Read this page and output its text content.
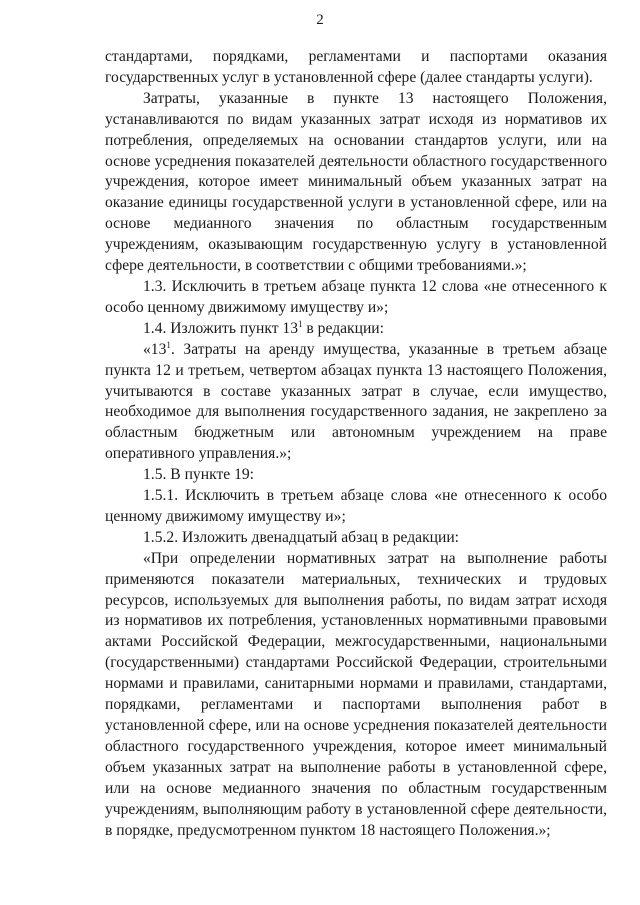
2

стандартами, порядками, регламентами и паспортами оказания государственных услуг в установленной сфере (далее стандарты услуги).

Затраты, указанные в пункте 13 настоящего Положения, устанавливаются по видам указанных затрат исходя из нормативов их потребления, определяемых на основании стандартов услуги, или на основе усреднения показателей деятельности областного государственного учреждения, которое имеет минимальный объем указанных затрат на оказание единицы государственной услуги в установленной сфере, или на основе медианного значения по областным государственным учреждениям, оказывающим государственную услугу в установленной сфере деятельности, в соответствии с общими требованиями.»;

1.3. Исключить в третьем абзаце пункта 12 слова «не отнесенного к особо ценному движимому имуществу и»;

1.4. Изложить пункт $13^1$ в редакции:

«$13^1$. Затраты на аренду имущества, указанные в третьем абзаце пункта 12 и третьем, четвертом абзацах пункта 13 настоящего Положения, учитываются в составе указанных затрат в случае, если имущество, необходимое для выполнения государственного задания, не закреплено за областным бюджетным или автономным учреждением на праве оперативного управления.»;

1.5. В пункте 19:

1.5.1. Исключить в третьем абзаце слова «не отнесенного к особо ценному движимому имуществу и»;

1.5.2. Изложить двенадцатый абзац в редакции:

«При определении нормативных затрат на выполнение работы применяются показатели материальных, технических и трудовых ресурсов, используемых для выполнения работы, по видам затрат исходя из нормативов их потребления, установленных нормативными правовыми актами Российской Федерации, межгосударственными, национальными (государственными) стандартами Российской Федерации, строительными нормами и правилами, санитарными нормами и правилами, стандартами, порядками, регламентами и паспортами выполнения работ в установленной сфере, или на основе усреднения показателей деятельности областного государственного учреждения, которое имеет минимальный объем указанных затрат на выполнение работы в установленной сфере, или на основе медианного значения по областным государственным учреждениям, выполняющим работу в установленной сфере деятельности, в порядке, предусмотренном пунктом 18 настоящего Положения.»;
